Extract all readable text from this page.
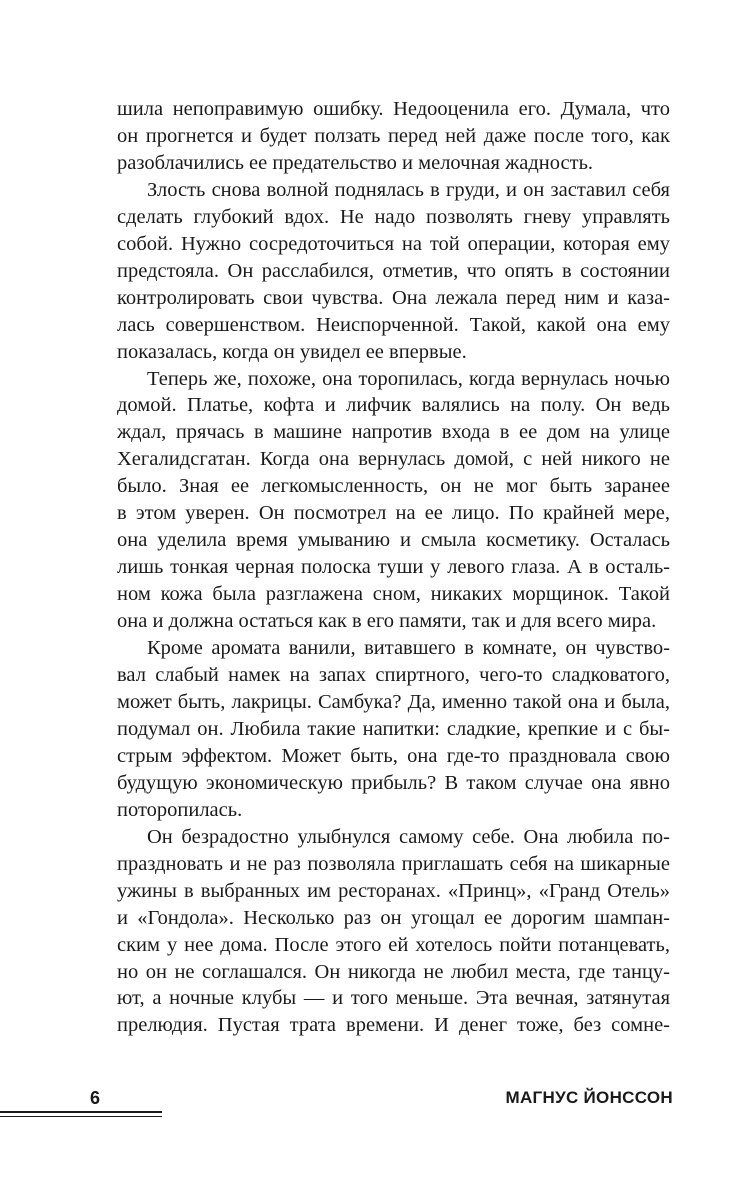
шила непоправимую ошибку. Недооценила его. Думала, что
он прогнется и будет ползать перед ней даже после того, как
разоблачились ее предательство и мелочная жадность.
Злость снова волной поднялась в груди, и он заставил себя
сделать глубокий вдох. Не надо позволять гневу управлять
собой. Нужно сосредоточиться на той операции, которая ему
предстояла. Он расслабился, отметив, что опять в состоянии
контролировать свои чувства. Она лежала перед ним и каза-
лась совершенством. Неиспорченной. Такой, какой она ему
показалась, когда он увидел ее впервые.
Теперь же, похоже, она торопилась, когда вернулась ночью
домой. Платье, кофта и лифчик валялись на полу. Он ведь
ждал, прячась в машине напротив входа в ее дом на улице
Хегалидсгатан. Когда она вернулась домой, с ней никого не
было. Зная ее легкомысленность, он не мог быть заранее
в этом уверен. Он посмотрел на ее лицо. По крайней мере,
она уделила время умыванию и смыла косметику. Осталась
лишь тонкая черная полоска туши у левого глаза. А в осталь-
ном кожа была разглажена сном, никаких морщинок. Такой
она и должна остаться как в его памяти, так и для всего мира.
Кроме аромата ванили, витавшего в комнате, он чувство-
вал слабый намек на запах спиртного, чего-то сладковатого,
может быть, лакрицы. Самбука? Да, именно такой она и была,
подумал он. Любила такие напитки: сладкие, крепкие и с бы-
стрым эффектом. Может быть, она где-то праздновала свою
будущую экономическую прибыль? В таком случае она явно
поторопилась.
Он безрадостно улыбнулся самому себе. Она любила по-
праздновать и не раз позволяла приглашать себя на шикарные
ужины в выбранных им ресторанах. «Принц», «Гранд Отель»
и «Гондола». Несколько раз он угощал ее дорогим шампан-
ским у нее дома. После этого ей хотелось пойти потанцевать,
но он не соглашался. Он никогда не любил места, где танцу-
ют, а ночные клубы — и того меньше. Эта вечная, затянутая
прелюдия. Пустая трата времени. И денег тоже, без сомне-
6	МАГНУС ЙОНССОН
